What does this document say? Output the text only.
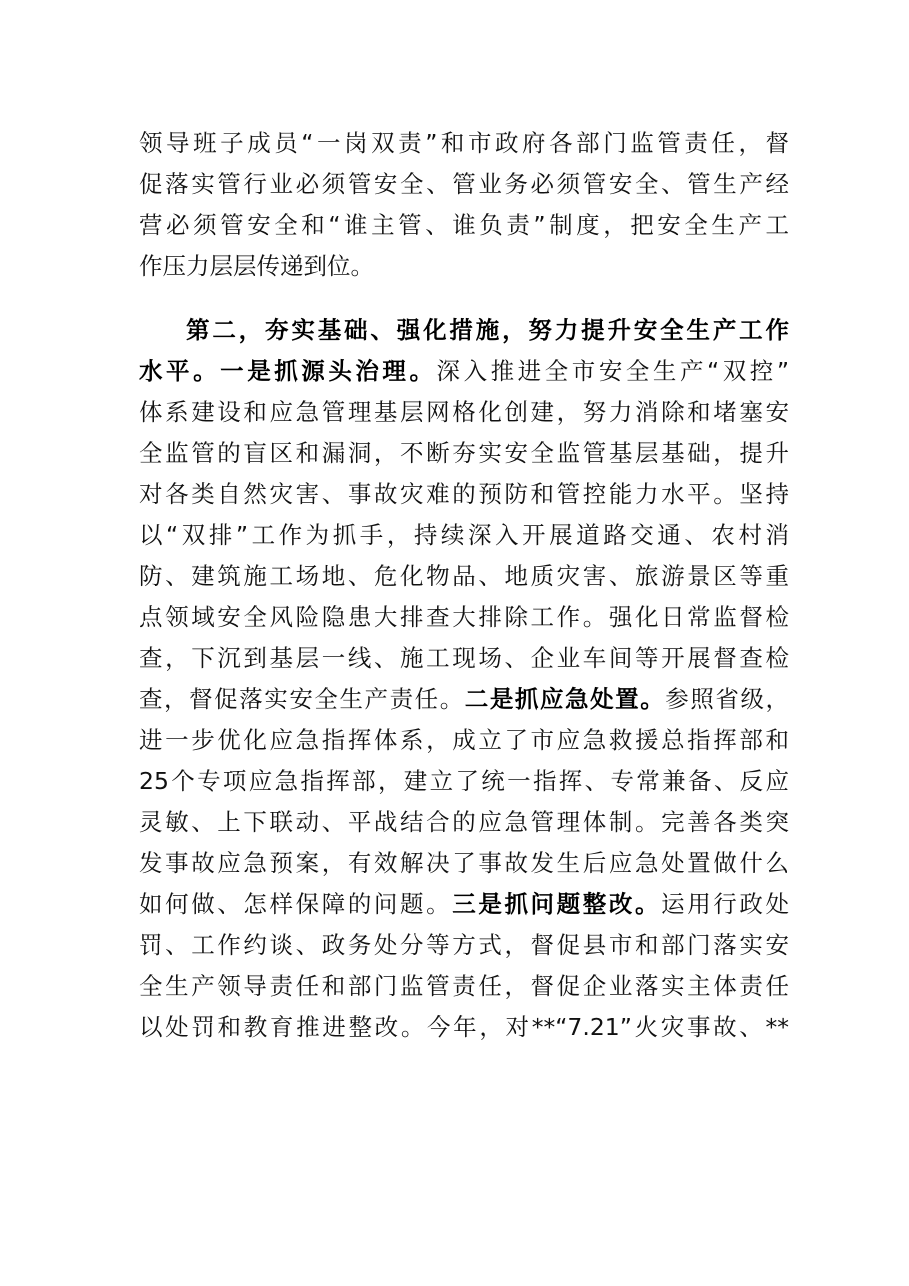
领导班子成员“一岗双责”和市政府各部门监管责任，督
促落实管行业必须管安全、管业务必须管安全、管生产经
营必须管安全和“谁主管、谁负责”制度，把安全生产工
作压力层层传递到位。
第二，夯实基础、强化措施，努力提升安全生产工作
水平。一是抓源头治理。深入推进全市安全生产“双控”
体系建设和应急管理基层网格化创建，努力消除和堵塞安
全监管的盲区和漏洞，不断夯实安全监管基层基础，提升
对各类自然灾害、事故灾难的预防和管控能力水平。坚持
以“双排”工作为抓手，持续深入开展道路交通、农村消
防、建筑施工场地、危化物品、地质灾害、旅游景区等重
点领域安全风险隐患大排查大排除工作。强化日常监督检
查，下沉到基层一线、施工现场、企业车间等开展督查检
查，督促落实安全生产责任。二是抓应急处置。参照省级，
进一步优化应急指挥体系，成立了市应急救援总指挥部和
25个专项应急指挥部，建立了统一指挥、专常兼备、反应
灵敏、上下联动、平战结合的应急管理体制。完善各类突
发事故应急预案，有效解决了事故发生后应急处置做什么
如何做、怎样保障的问题。三是抓问题整改。运用行政处
罚、工作约谈、政务处分等方式，督促县市和部门落实安
全生产领导责任和部门监管责任，督促企业落实主体责任
以处罚和教育推进整改。今年，对**“7.21”火灾事故、**
